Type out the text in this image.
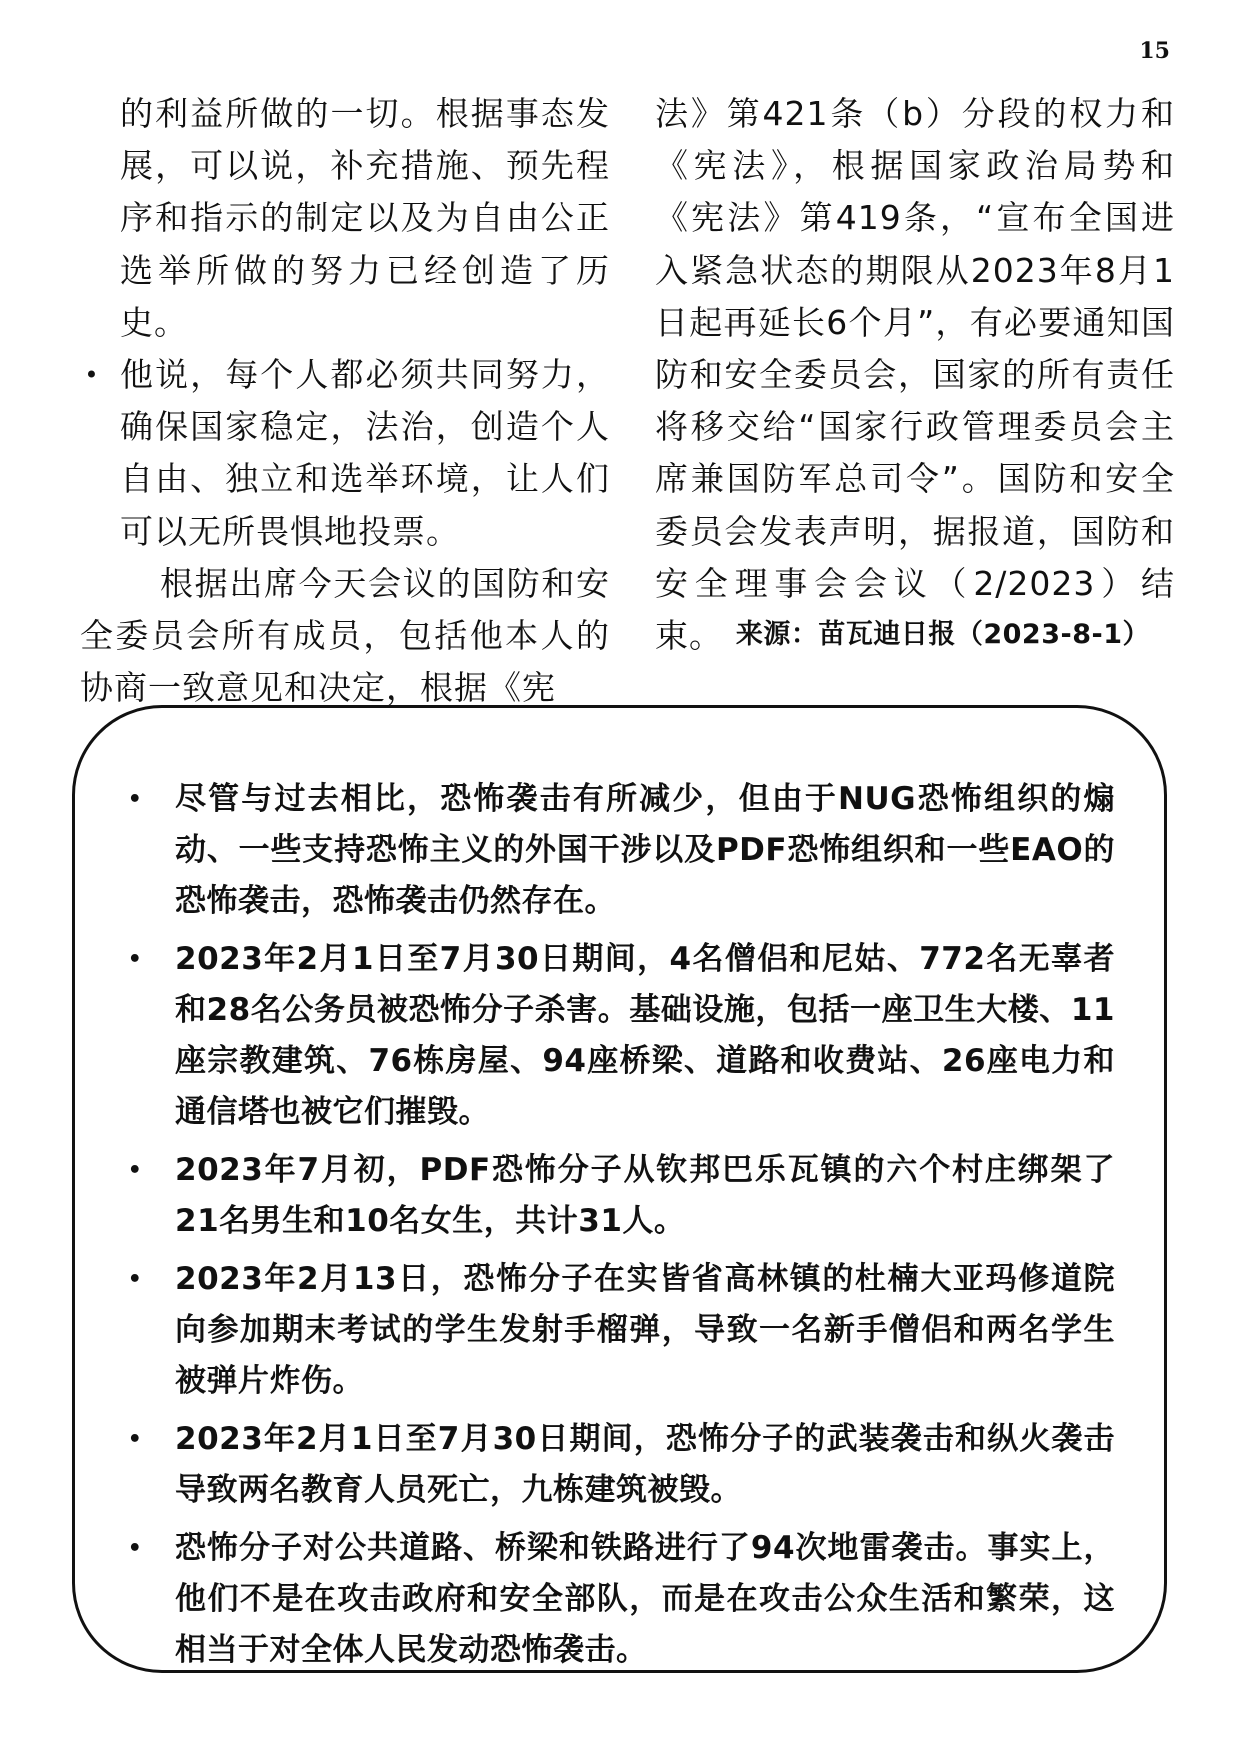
15

的利益所做的一切。根据事态发展，可以说，补充措施、预先程序和指示的制定以及为自由公正选举所做的努力已经创造了历史。

• 他说，每个人都必须共同努力，确保国家稳定，法治，创造个人自由、独立和选举环境，让人们可以无所畏惧地投票。

根据出席今天会议的国防和安全委员会所有成员，包括他本人的协商一致意见和决定，根据《宪

法》第421条（b）分段的权力和《宪法》，根据国家政治局势和《宪法》第419条，“宣布全国进入紧急状态的期限从2023年8月1日起再延长6个月”，有必要通知国防和安全委员会，国家的所有责任将移交给“国家行政管理委员会主席兼国防军总司令”。国防和安全委员会发表声明，据报道，国防和安全理事会会议（2/2023）结束。 来源：苗瓦迪日报（2023-8-1）
• 尽管与过去相比，恐怖袭击有所减少，但由于NUG恐怖组织的煽动、一些支持恐怖主义的外国干涉以及PDF恐怖组织和一些EAO的恐怖袭击，恐怖袭击仍然存在。
• 2023年2月1日至7月30日期间，4名僧侣和尼姑、772名无辜者和28名公务员被恐怖分子杀害。基础设施，包括一座卫生大楼、11座宗教建筑、76栋房屋、94座桥梁、道路和收费站、26座电力和通信塔也被它们摧毁。
• 2023年7月初，PDF恐怖分子从钦邦巴乐瓦镇的六个村庄绑架了21名男生和10名女生，共计31人。
• 2023年2月13日，恐怖分子在实皆省高林镇的杜楠大亚玛修道院向参加期末考试的学生发射手榴弹，导致一名新手僧侣和两名学生被弹片炸伤。
• 2023年2月1日至7月30日期间，恐怖分子的武装袭击和纵火袭击导致两名教育人员死亡，九栋建筑被毁。
• 恐怖分子对公共道路、桥梁和铁路进行了94次地雷袭击。事实上，他们不是在攻击政府和安全部队，而是在攻击公众生活和繁荣，这相当于对全体人民发动恐怖袭击。
